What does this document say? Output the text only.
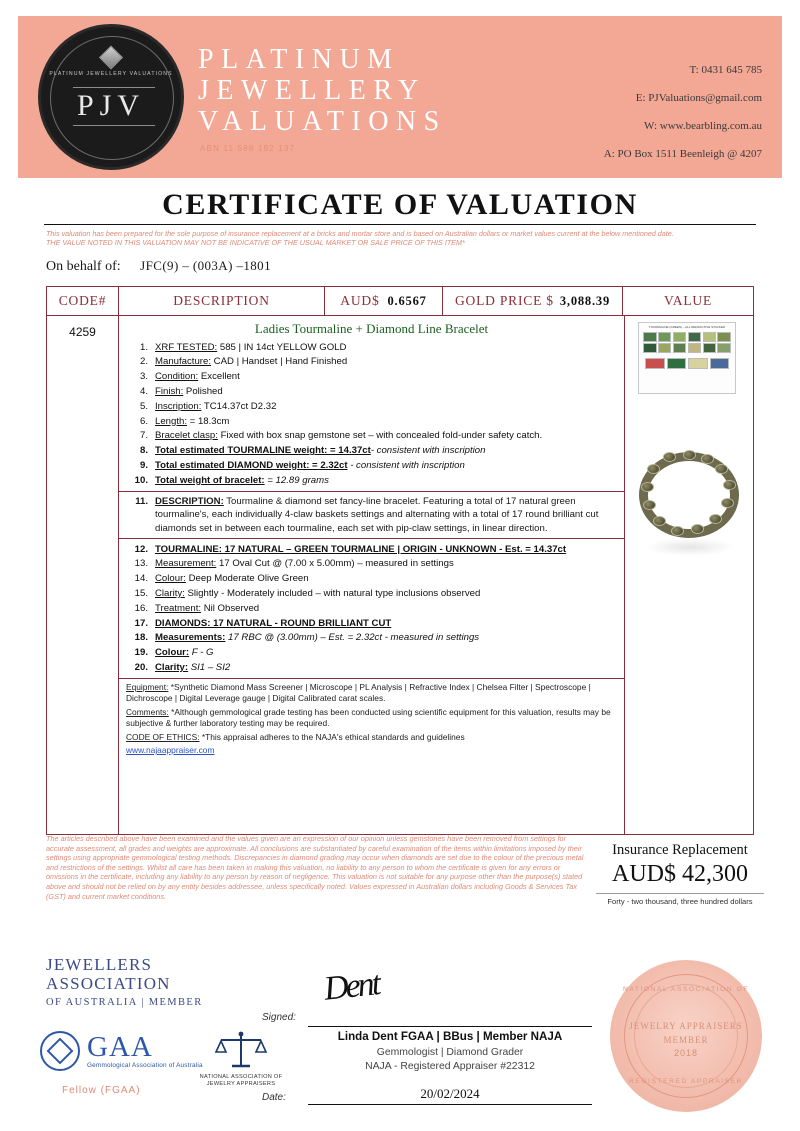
PLATINUM JEWELLERY VALUATIONS
PJV
PLATINUM
JEWELLERY
VALUATIONS
ABN 11 588 192 137
T: 0431 645 785
E: PJValuations@gmail.com
W: www.bearbling.com.au
A: PO Box 1511 Beenleigh @ 4207
CERTIFICATE OF VALUATION
This valuation has been prepared for the sole purpose of insurance replacement at a bricks and mortar store and is based on Australian dollars or market values current at the below mentioned date.
THE VALUE NOTED IN THIS VALUATION MAY NOT BE INDICATIVE OF THE USUAL MARKET OR SALE PRICE OF THIS ITEM*
On behalf of: JFC(9) – (003A) –1801
CODE#	DESCRIPTION	AUD$ 0.6567 GOLD PRICE $ 3,088.39	VALUE
4259	Ladies Tourmaline + Diamond Line Bracelet
1. XRF TESTED: 585 | IN 14ct YELLOW GOLD
2. Manufacture: CAD | Handset | Hand Finished
3. Condition: Excellent
4. Finish: Polished
5. Inscription: TC14.37ct D2.32
6. Length: = 18.3cm
7. Bracelet clasp: Fixed with box snap gemstone set – with concealed fold-under safety catch.
8. Total estimated TOURMALINE weight: = 14.37ct- consistent with inscription
9. Total estimated DIAMOND weight: = 2.32ct - consistent with inscription
10. Total weight of bracelet: = 12.89 grams
11. DESCRIPTION: Tourmaline & diamond set fancy-line bracelet. Featuring a total of 17 natural green tourmaline's, each individually 4-claw baskets settings and alternating with a total of 17 round brilliant cut diamonds set in between each tourmaline, each set with pip-claw settings, in linear direction.
12. TOURMALINE: 17 NATURAL – GREEN TOURMALINE | ORIGIN - UNKNOWN - Est. = 14.37ct
13. Measurement: 17 Oval Cut @ (7.00 x 5.00mm) – measured in settings
14. Colour: Deep Moderate Olive Green
15. Clarity: Slightly - Moderately included – with natural type inclusions observed
16. Treatment: Nil Observed
17. DIAMONDS: 17 NATURAL - ROUND BRILLIANT CUT
18. Measurements: 17 RBC @ (3.00mm) – Est. = 2.32ct - measured in settings
19. Colour: F - G
20. Clarity: SI1 – SI2

Equipment: *Synthetic Diamond Mass Screener | Microscope | PL Analysis | Refractive Index | Chelsea Filter | Spectroscope | Dichroscope | Digital Leverage gauge | Digital Calibrated carat scales.

Comments: *Although gemmological grade testing has been conducted using scientific equipment for this valuation, results may be subjective & further laboratory testing may be required.

CODE OF ETHICS: *This appraisal adheres to the NAJA's ethical standards and guidelines

www.najaappraiser.com

TOURMALINE (GREEN) – ALL REFRACTIVE STACKED
The articles described above have been examined and the values given are an expression of our opinion unless gemstones have been removed from settings for accurate assessment, all grades and weights are approximate. All conclusions are substantiated by careful examination of the items within limitations imposed by their settings using appropriate gemmological testing methods. Discrepancies in diamond grading may occur when diamonds are set due to the colour of the precious metal and restrictions of the settings. Whilst all care has been taken in making this valuation, no liability to any person to whom the certificate is given for any errors or omissions in the certificate, including any liability to any person by reason of negligence. This valuation is not suitable for any purpose other than the purpose(s) stated above and should not be relied on by any entity besides addressee, unless specifically noted. Values expressed in Australian dollars including Goods & Services Tax (GST) and current market conditions.
Insurance Replacement
AUD$ 42,300
Forty - two thousand, three hundred dollars
JEWELLERS
ASSOCIATION
OF AUSTRALIA | MEMBER
GAA
Gemmological Association of Australia
Fellow (FGAA)
NATIONAL ASSOCIATION OF JEWELRY APPRAISERS
Signed:
Dent
Linda Dent FGAA | BBus | Member NAJA
Gemmologist | Diamond Grader
NAJA - Registered Appraiser #22312
Date:	20/02/2024
NATIONAL ASSOCIATION OF
JEWELRY APPRAISERS
MEMBER
2018
REGISTERED APPRAISER
